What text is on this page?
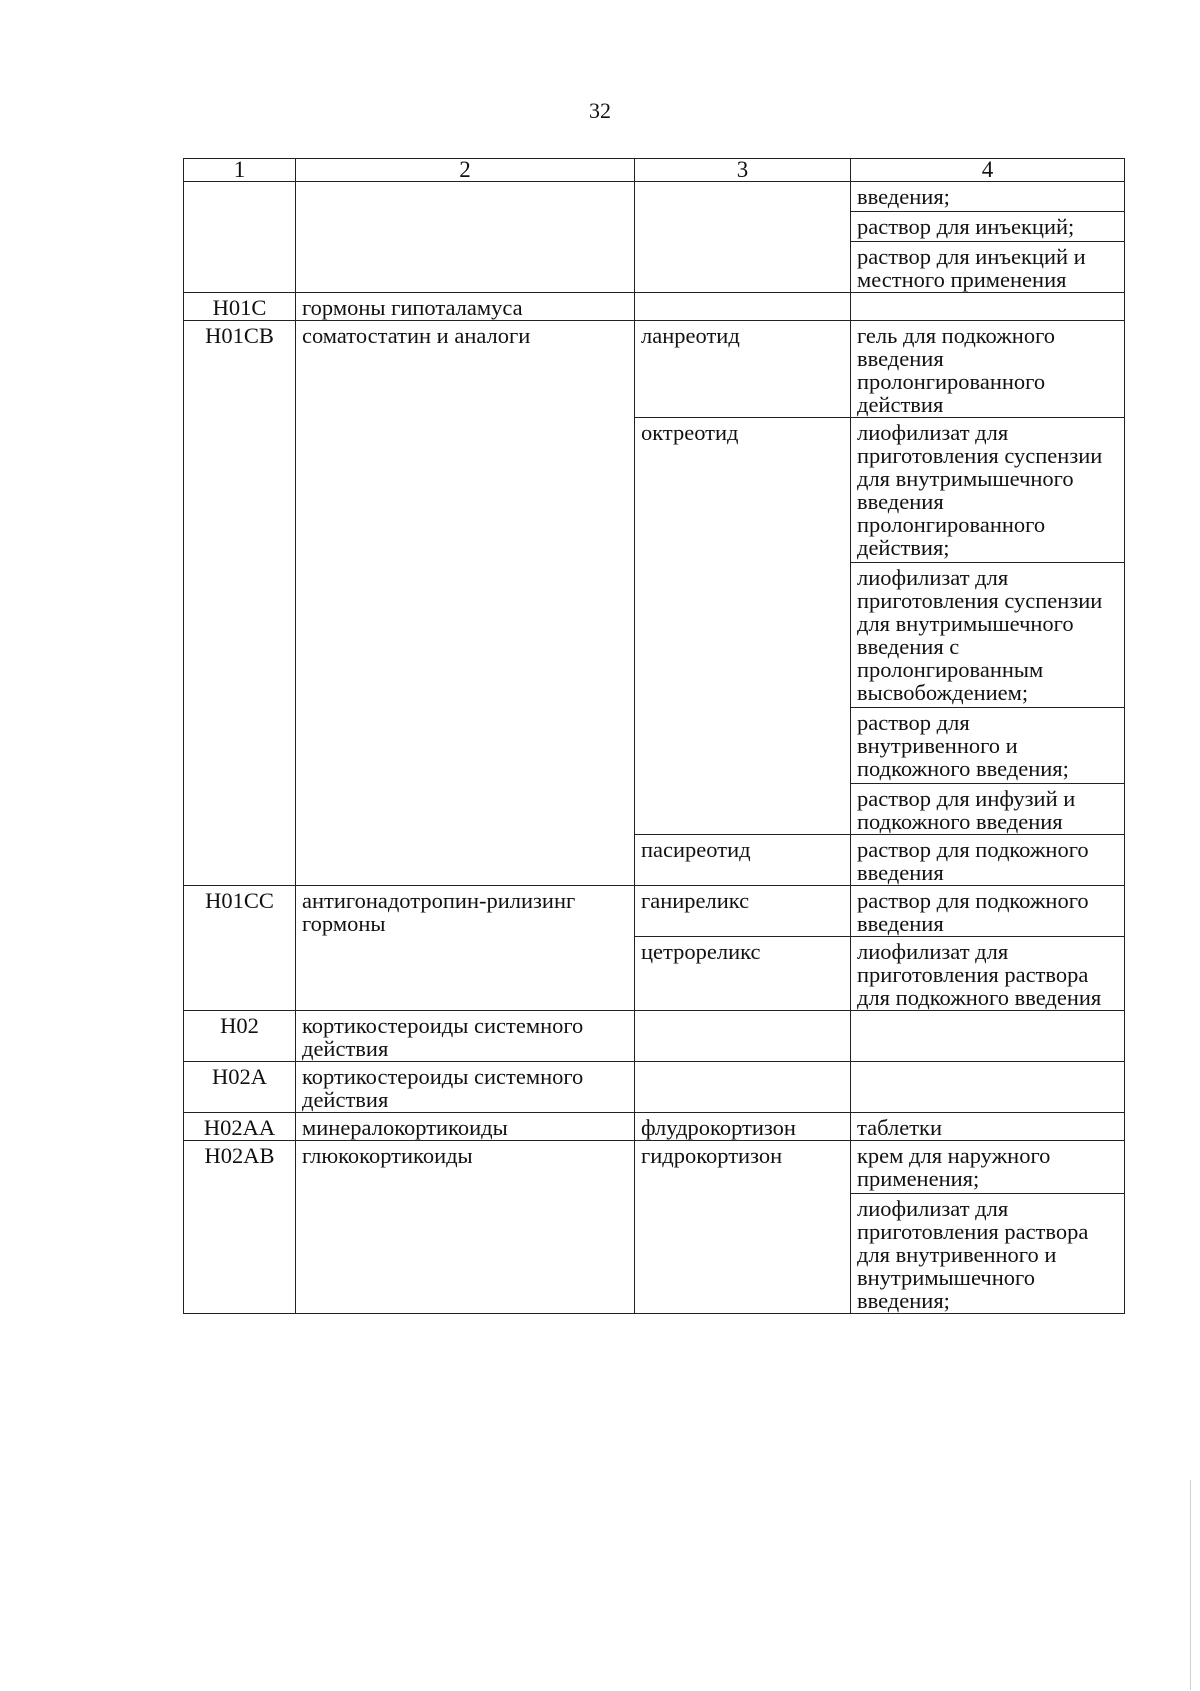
32
1	2	3	4

			введения;
раствор для инъекций;
раствор для инъекций и местного применения

H01C	гормоны гипоталамуса		
H01CB	соматостатин и аналоги	ланреотид	гель для подкожного введения пролонгированного действия

		октреотид	лиофилизат для приготовления суспензии для внутримышечного введения пролонгированного действия;
лиофилизат для приготовления суспензии для внутримышечного введения с пролонгированным высвобождением;
раствор для внутривенного и подкожного введения;
раствор для инфузий и подкожного введения

		пасиреотид	раствор для подкожного введения

H01CC	антигонадотропин-рилизинг гормоны	ганиреликс	раствор для подкожного введения

		цетрореликс	лиофилизат для приготовления раствора для подкожного введения

H02	кортикостероиды системного действия		
H02A	кортикостероиды системного действия		
H02AA	минералокортикоиды	флудрокортизон	таблетки

H02AB	глюкокортикоиды	гидрокортизон	крем для наружного применения;
лиофилизат для приготовления раствора для внутривенного и внутримышечного введения;
